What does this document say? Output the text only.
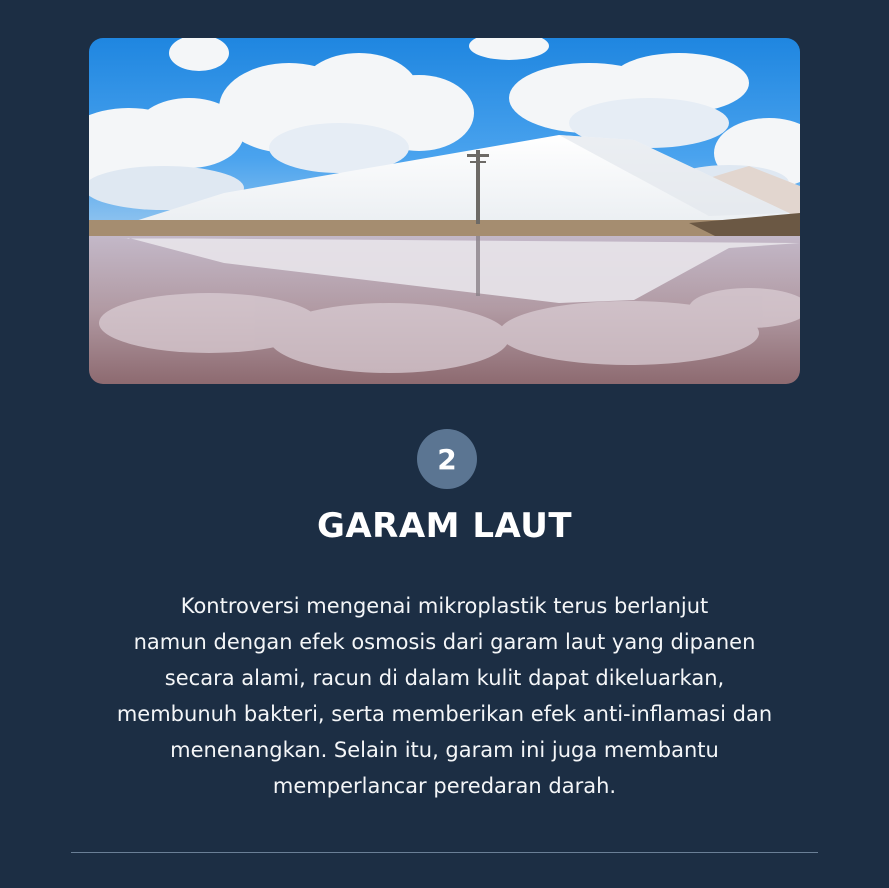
2
GARAM LAUT

Kontroversi mengenai mikroplastik terus berlanjut
namun dengan efek osmosis dari garam laut yang dipanen
secara alami, racun di dalam kulit dapat dikeluarkan,
membunuh bakteri, serta memberikan efek anti-inflamasi dan
menenangkan. Selain itu, garam ini juga membantu
memperlancar peredaran darah.
